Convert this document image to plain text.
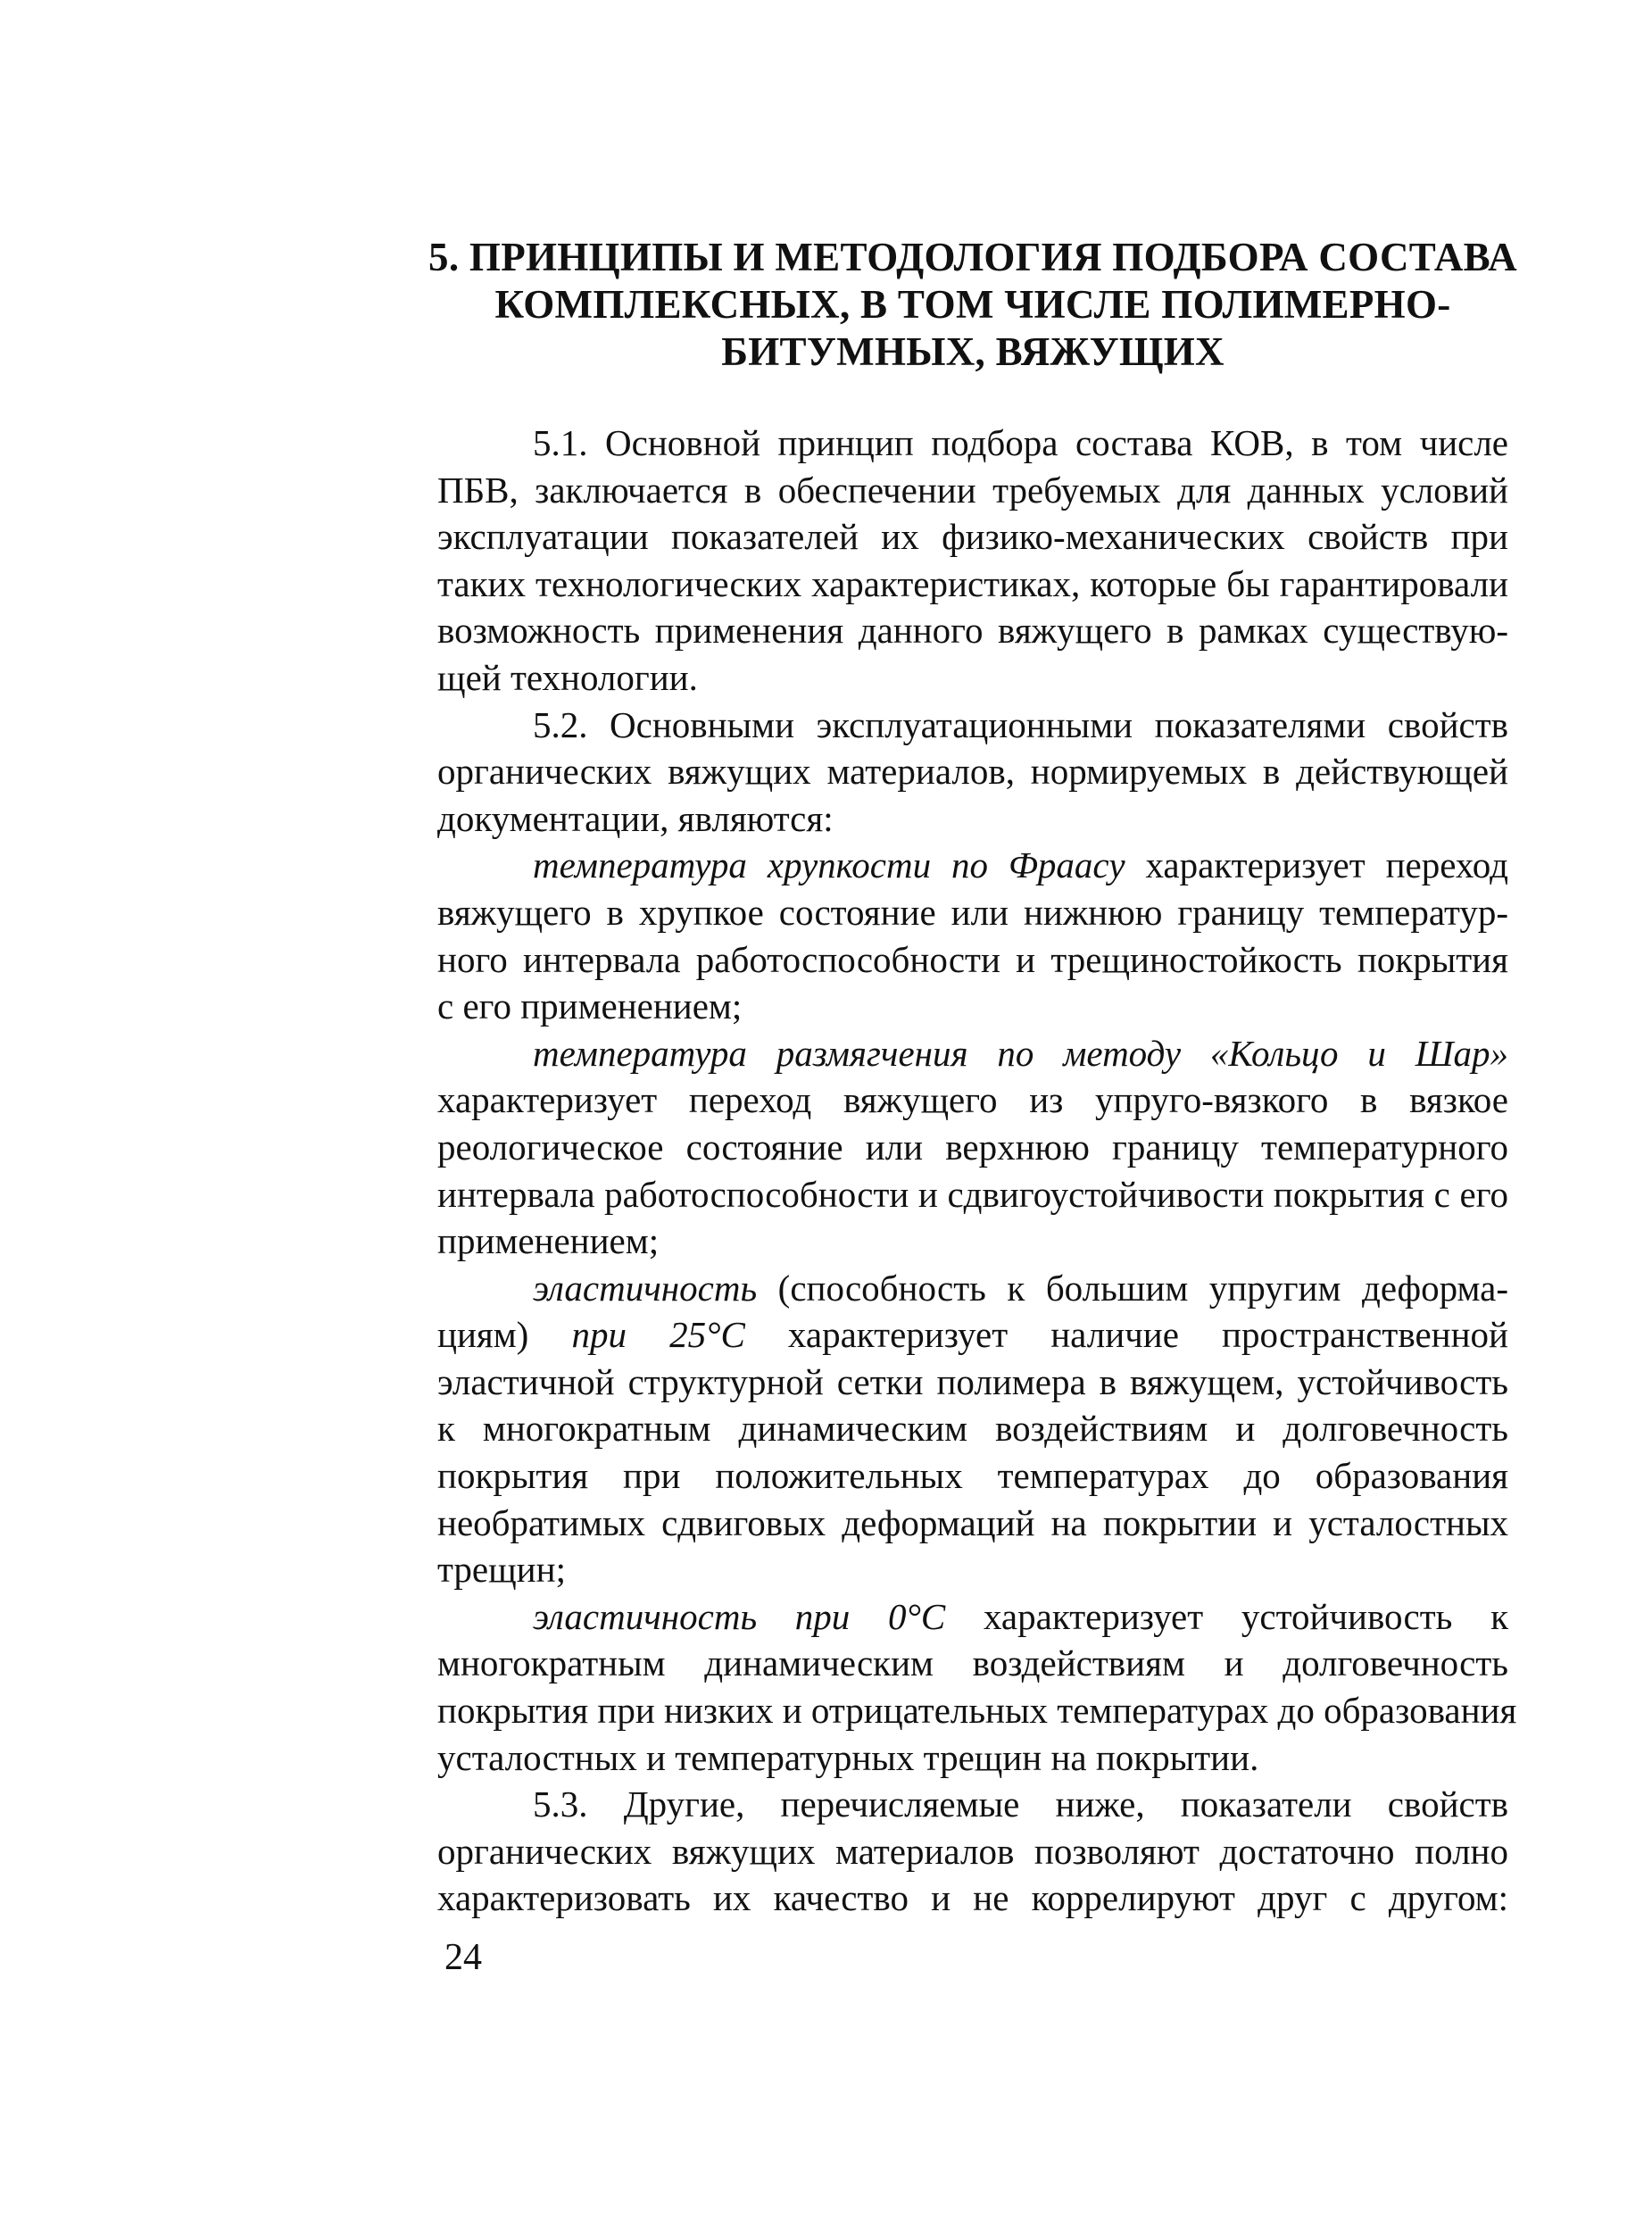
5. ПРИНЦИПЫ И МЕТОДОЛОГИЯ ПОДБОРА СОСТАВА
КОМПЛЕКСНЫХ, В ТОМ ЧИСЛЕ ПОЛИМЕРНО-
БИТУМНЫХ, ВЯЖУЩИХ

5.1. Основной принцип подбора состава КОВ, в том числе
ПБВ, заключается в обеспечении требуемых для данных условий
эксплуатации показателей их физико-механических свойств при
таких технологических характеристиках, которые бы гарантировали
возможность применения данного вяжущего в рамках существую-
щей технологии.

5.2. Основными эксплуатационными показателями свойств
органических вяжущих материалов, нормируемых в действующей
документации, являются:

температура хрупкости по Фраасу характеризует переход
вяжущего в хрупкое состояние или нижнюю границу температур-
ного интервала работоспособности и трещиностойкость покрытия
с его применением;

температура размягчения по методу «Кольцо и Шар»
характеризует переход вяжущего из упруго-вязкого в вязкое
реологическое состояние или верхнюю границу температурного
интервала работоспособности и сдвигоустойчивости покрытия с его
применением;

эластичность (способность к большим упругим деформа-
циям) при 25°C характеризует наличие пространственной
эластичной структурной сетки полимера в вяжущем, устойчивость
к многократным динамическим воздействиям и долговечность
покрытия при положительных температурах до образования
необратимых сдвиговых деформаций на покрытии и усталостных
трещин;

эластичность при 0°C характеризует устойчивость к
многократным динамическим воздействиям и долговечность
покрытия при низких и отрицательных температурах до образования
усталостных и температурных трещин на покрытии.

5.3. Другие, перечисляемые ниже, показатели свойств
органических вяжущих материалов позволяют достаточно полно
характеризовать их качество и не коррелируют друг с другом:

24
